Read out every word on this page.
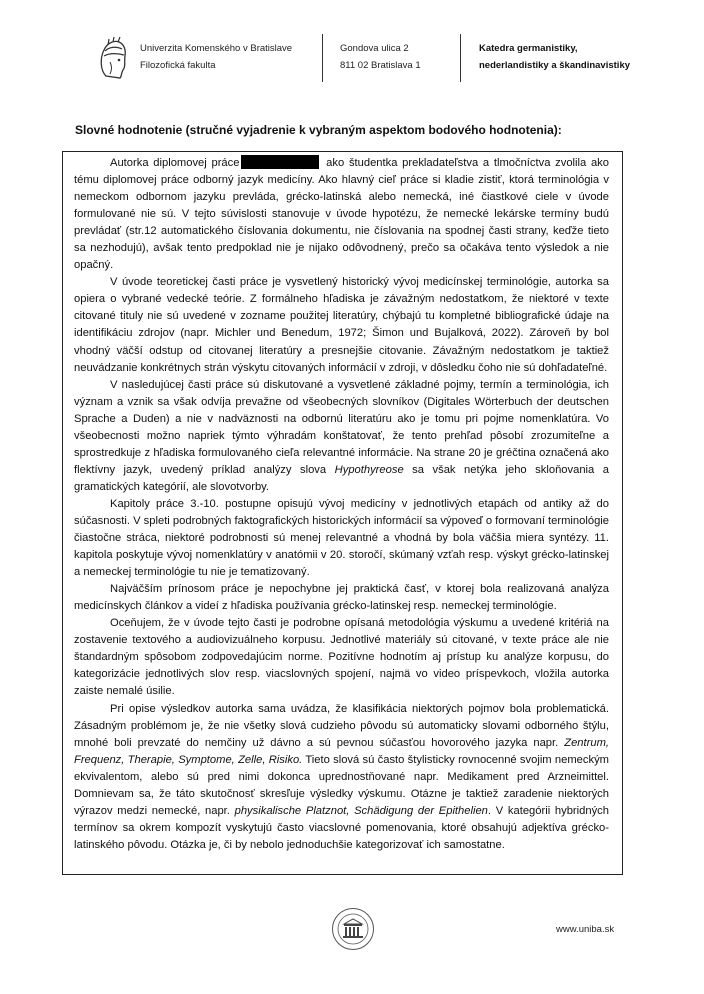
Univerzita Komenského v Bratislave
Filozofická fakulta
Gondova ulica 2
811 02 Bratislava 1
Katedra germanistiky,
nederlandistiky a škandinavistiky
Slovné hodnotenie (stručné vyjadrenie k vybraným aspektom bodového hodnotenia):

Autorka diplomovej práce	ako študentka prekladateľstva a tlmočníctva zvolila ako tému diplomovej práce odborný jazyk medicíny. Ako hlavný cieľ práce si kladie zistiť, ktorá terminológia v nemeckom odbornom jazyku prevláda, grécko-latinská alebo nemecká, iné čiastkové ciele v úvode formulované nie sú. V tejto súvislosti stanovuje v úvode hypotézu, že nemecké lekárske termíny budú prevládať (str.12 automatického číslovania dokumentu, nie číslovania na spodnej časti strany, keďže tieto sa nezhodujú), avšak tento predpoklad nie je nijako odôvodnený, prečo sa očakáva tento výsledok a nie opačný.

V úvode teoretickej časti práce je vysvetlený historický vývoj medicínskej terminológie, autorka sa opiera o vybrané vedecké teórie. Z formálneho hľadiska je závažným nedostatkom, že niektoré v texte citované tituly nie sú uvedené v zozname použitej literatúry, chýbajú tu kompletné bibliografické údaje na identifikáciu zdrojov (napr. Michler und Benedum, 1972; Šimon und Bujalková, 2022). Zároveň by bol vhodný väčší odstup od citovanej literatúry a presnejšie citovanie. Závažným nedostatkom je taktiež neuvádzanie konkrétnych strán výskytu citovaných informácií v zdroji, v dôsledku čoho nie sú dohľadateľné.

V nasledujúcej časti práce sú diskutované a vysvetlené základné pojmy, termín a terminológia, ich význam a vznik sa však odvíja prevažne od všeobecných slovníkov (Digitales Wörterbuch der deutschen Sprache a Duden) a nie v nadväznosti na odbornú literatúru ako je tomu pri pojme nomenklatúra. Vo všeobecnosti možno napriek týmto výhradám konštatovať, že tento prehľad pôsobí zrozumiteľne a sprostredkuje z hľadiska formulovaného cieľa relevantné informácie. Na strane 20 je gréčtina označená ako flektívny jazyk, uvedený príklad analýzy slova Hypothyreose sa však netýka jeho skloňovania a gramatických kategórií, ale slovotvorby.

Kapitoly práce 3.-10. postupne opisujú vývoj medicíny v jednotlivých etapách od antiky až do súčasnosti. V spleti podrobných faktografických historických informácií sa výpoveď o formovaní terminológie čiastočne stráca, niektoré podrobnosti sú menej relevantné a vhodná by bola väčšia miera syntézy. 11. kapitola poskytuje vývoj nomenklatúry v anatómii v 20. storočí, skúmaný vzťah resp. výskyt grécko-latinskej a nemeckej terminológie tu nie je tematizovaný.

Najväčším prínosom práce je nepochybne jej praktická časť, v ktorej bola realizovaná analýza medicínskych článkov a videí z hľadiska používania grécko-latinskej resp. nemeckej terminológie.

Oceňujem, že v úvode tejto časti je podrobne opísaná metodológia výskumu a uvedené kritériá na zostavenie textového a audiovizuálneho korpusu. Jednotlivé materiály sú citované, v texte práce ale nie štandardným spôsobom zodpovedajúcim norme. Pozitívne hodnotím aj prístup ku analýze korpusu, do kategorizácie jednotlivých slov resp. viacslovných spojení, najmä vo video príspevkoch, vložila autorka zaiste nemalé úsilie.

Pri opise výsledkov autorka sama uvádza, že klasifikácia niektorých pojmov bola problematická. Zásadným problémom je, že nie všetky slová cudzieho pôvodu sú automaticky slovami odborného štýlu, mnohé boli prevzaté do nemčiny už dávno a sú pevnou súčasťou hovorového jazyka napr. Zentrum, Frequenz, Therapie, Symptome, Zelle, Risiko. Tieto slová sú často štylisticky rovnocenné svojim nemeckým ekvivalentom, alebo sú pred nimi dokonca uprednostňované napr. Medikament pred Arzneimittel. Domnievam sa, že táto skutočnosť skresľuje výsledky výskumu. Otázne je taktiež zaradenie niektorých výrazov medzi nemecké, napr. physikalische Platznot, Schädigung der Epithelien. V kategórii hybridných termínov sa okrem kompozít vyskytujú často viacslovné pomenovania, ktoré obsahujú adjektíva grécko-latinského pôvodu. Otázka je, či by nebolo jednoduchšie kategorizovať ich samostatne.

www.uniba.sk
